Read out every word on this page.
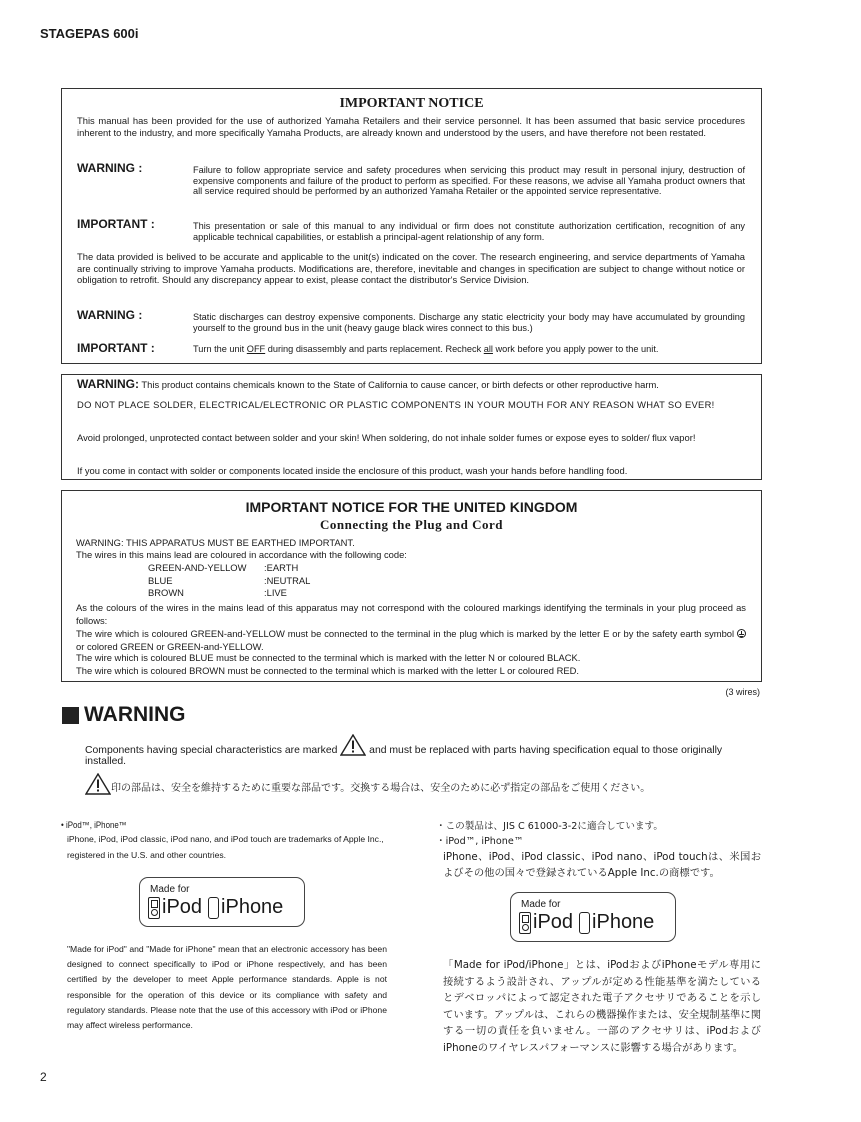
STAGEPAS 600i
IMPORTANT NOTICE

This manual has been provided for the use of authorized Yamaha Retailers and their service personnel. It has been assumed that basic service procedures inherent to the industry, and more specifically Yamaha Products, are already known and understood by the users, and have therefore not been restated.

WARNING :	Failure to follow appropriate service and safety procedures when servicing this product may result in personal injury, destruction of expensive components and failure of the product to perform as specified. For these reasons, we advise all Yamaha product owners that all service required should be performed by an authorized Yamaha Retailer or the appointed service representative.
IMPORTANT :	This presentation or sale of this manual to any individual or firm does not constitute authorization certification, recognition of any applicable technical capabilities, or establish a principal-agent relationship of any form.

The data provided is belived to be accurate and applicable to the unit(s) indicated on the cover. The research engineering, and service departments of Yamaha are continually striving to improve Yamaha products. Modifications are, therefore, inevitable and changes in specification are subject to change without notice or obligation to retrofit. Should any discrepancy appear to exist, please contact the distributor's Service Division.

WARNING :	Static discharges can destroy expensive components. Discharge any static electricity your body may have accumulated by grounding yourself to the ground bus in the unit (heavy gauge black wires connect to this bus.)
IMPORTANT :	Turn the unit OFF during disassembly and parts replacement. Recheck all work before you apply power to the unit.
WARNING: This product contains chemicals known to the State of California to cause cancer, or birth defects or other reproductive harm.

DO NOT PLACE SOLDER, ELECTRICAL/ELECTRONIC OR PLASTIC COMPONENTS IN YOUR MOUTH FOR ANY REASON WHAT SO EVER!

Avoid prolonged, unprotected contact between solder and your skin! When soldering, do not inhale solder fumes or expose eyes to solder/ flux vapor!

If you come in contact with solder or components located inside the enclosure of this product, wash your hands before handling food.

IMPORTANT NOTICE FOR THE UNITED KINGDOM
Connecting the Plug and Cord

WARNING: THIS APPARATUS MUST BE EARTHED IMPORTANT.

The wires in this mains lead are coloured in accordance with the following code:

GREEN-AND-YELLOW	: EARTH
BLUE	: NEUTRAL
BROWN	: LIVE

As the colours of the wires in the mains lead of this apparatus may not correspond with the coloured markings identifying the terminals in your plug proceed as follows:

The wire which is coloured GREEN-and-YELLOW must be connected to the terminal in the plug which is marked by the letter E or by the safety earth symbol
or colored GREEN or GREEN-and-YELLOW.

The wire which is coloured BLUE must be connected to the terminal which is marked with the letter N or coloured BLACK.

The wire which is coloured BROWN must be connected to the terminal which is marked with the letter L or coloured RED.

(3 wires)
WARNING
Components having special characteristics are marked	and must be replaced with parts having specification equal to those originally installed.
印の部品は、安全を維持するために重要な部品です。交換する場合は、安全のために必ず指定の部品をご使用ください。
• iPod™, iPhone™
iPhone, iPod, iPod classic, iPod nano, and iPod touch are trademarks of Apple Inc., registered in the U.S. and other countries.
Made for
iPod iPhone
"Made for iPod" and "Made for iPhone" mean that an electronic accessory has been designed to connect specifically to iPod or iPhone respectively, and has been certified by the developer to meet Apple performance standards. Apple is not responsible for the operation of this device or its compliance with safety and regulatory standards. Please note that the use of this accessory with iPod or iPhone may affect wireless performance.
・この製品は、JIS C 61000-3-2に適合しています。
・iPod™, iPhone™
iPhone、iPod、iPod classic、iPod nano、iPod touchは、米国およびその他の国々で登録されているApple Inc.の商標です。
Made for
iPod iPhone
「Made for iPod/iPhone」とは、iPodおよびiPhoneモデル専用に接続するよう設計され、アップルが定める性能基準を満たしているとデベロッパによって認定された電子アクセサリであることを示しています。アップルは、これらの機器操作または、安全規制基準に関する一切の責任を負いません。一部のアクセサリは、iPodおよびiPhoneのワイヤレスパフォーマンスに影響する場合があります。
2
